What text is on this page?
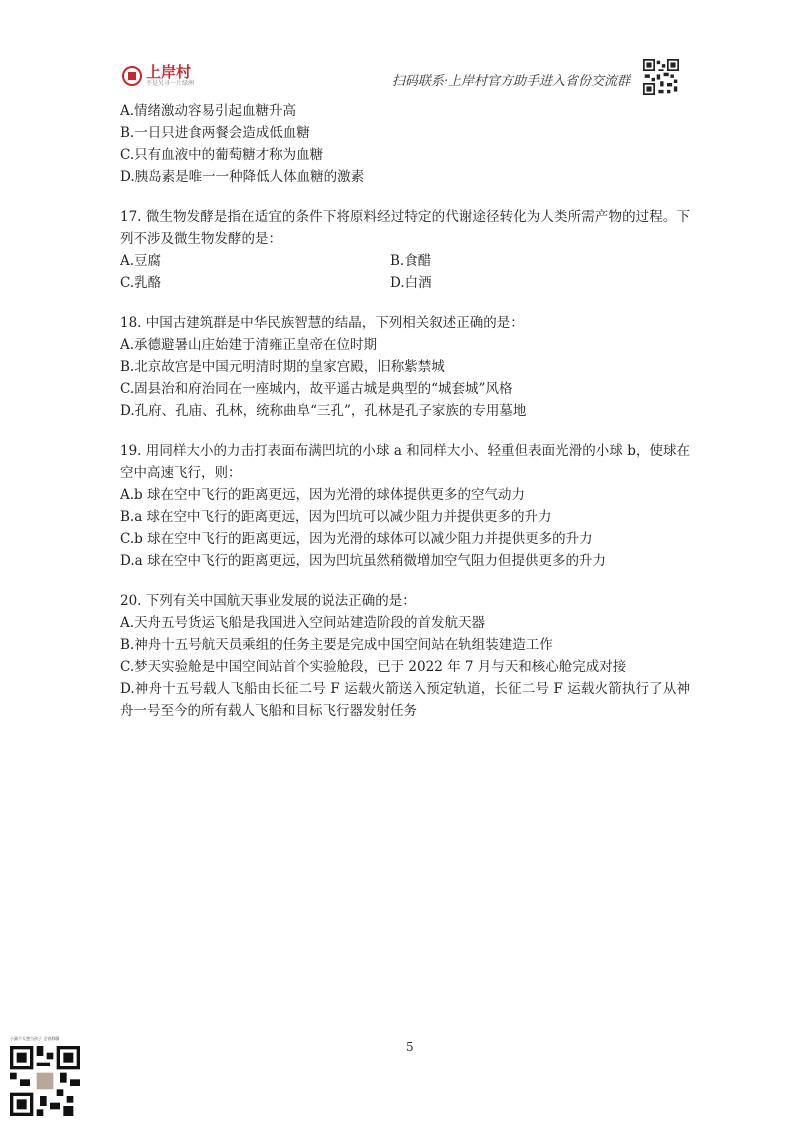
上岸村
不是另寻一片绿洲	扫码联系·上岸村官方助手进入省份交流群
A.情绪激动容易引起血糖升高
B.一日只进食两餐会造成低血糖
C.只有血液中的葡萄糖才称为血糖
D.胰岛素是唯一一种降低人体血糖的激素
17. 微生物发酵是指在适宜的条件下将原料经过特定的代谢途径转化为人类所需产物的过程。下列不涉及微生物发酵的是：
A.豆腐	B.食醋
C.乳酪	D.白酒
18. 中国古建筑群是中华民族智慧的结晶，下列相关叙述正确的是：
A.承德避暑山庄始建于清雍正皇帝在位时期
B.北京故宫是中国元明清时期的皇家宫殿，旧称紫禁城
C.固县治和府治同在一座城内，故平遥古城是典型的“城套城”风格
D.孔府、孔庙、孔林，统称曲阜“三孔”，孔林是孔子家族的专用墓地
19. 用同样大小的力击打表面布满凹坑的小球 a 和同样大小、轻重但表面光滑的小球 b，使球在空中高速飞行，则：
A.b 球在空中飞行的距离更远，因为光滑的球体提供更多的空气动力
B.a 球在空中飞行的距离更远，因为凹坑可以减少阻力并提供更多的升力
C.b 球在空中飞行的距离更远，因为光滑的球体可以减少阻力并提供更多的升力
D.a 球在空中飞行的距离更远，因为凹坑虽然稍微增加空气阻力但提供更多的升力
20. 下列有关中国航天事业发展的说法正确的是：
A.天舟五号货运飞船是我国进入空间站建造阶段的首发航天器
B.神舟十五号航天员乘组的任务主要是完成中国空间站在轨组装建造工作
C.梦天实验舱是中国空间站首个实验舱段，已于 2022 年 7 月与天和核心舱完成对接
D.神舟十五号载人飞船由长征二号 F 运载火箭送入预定轨道，长征二号 F 运载火箭执行了从神舟一号至今的所有载人飞船和目标飞行器发射任务
5
小猫不太想当孩子 全省群聊
